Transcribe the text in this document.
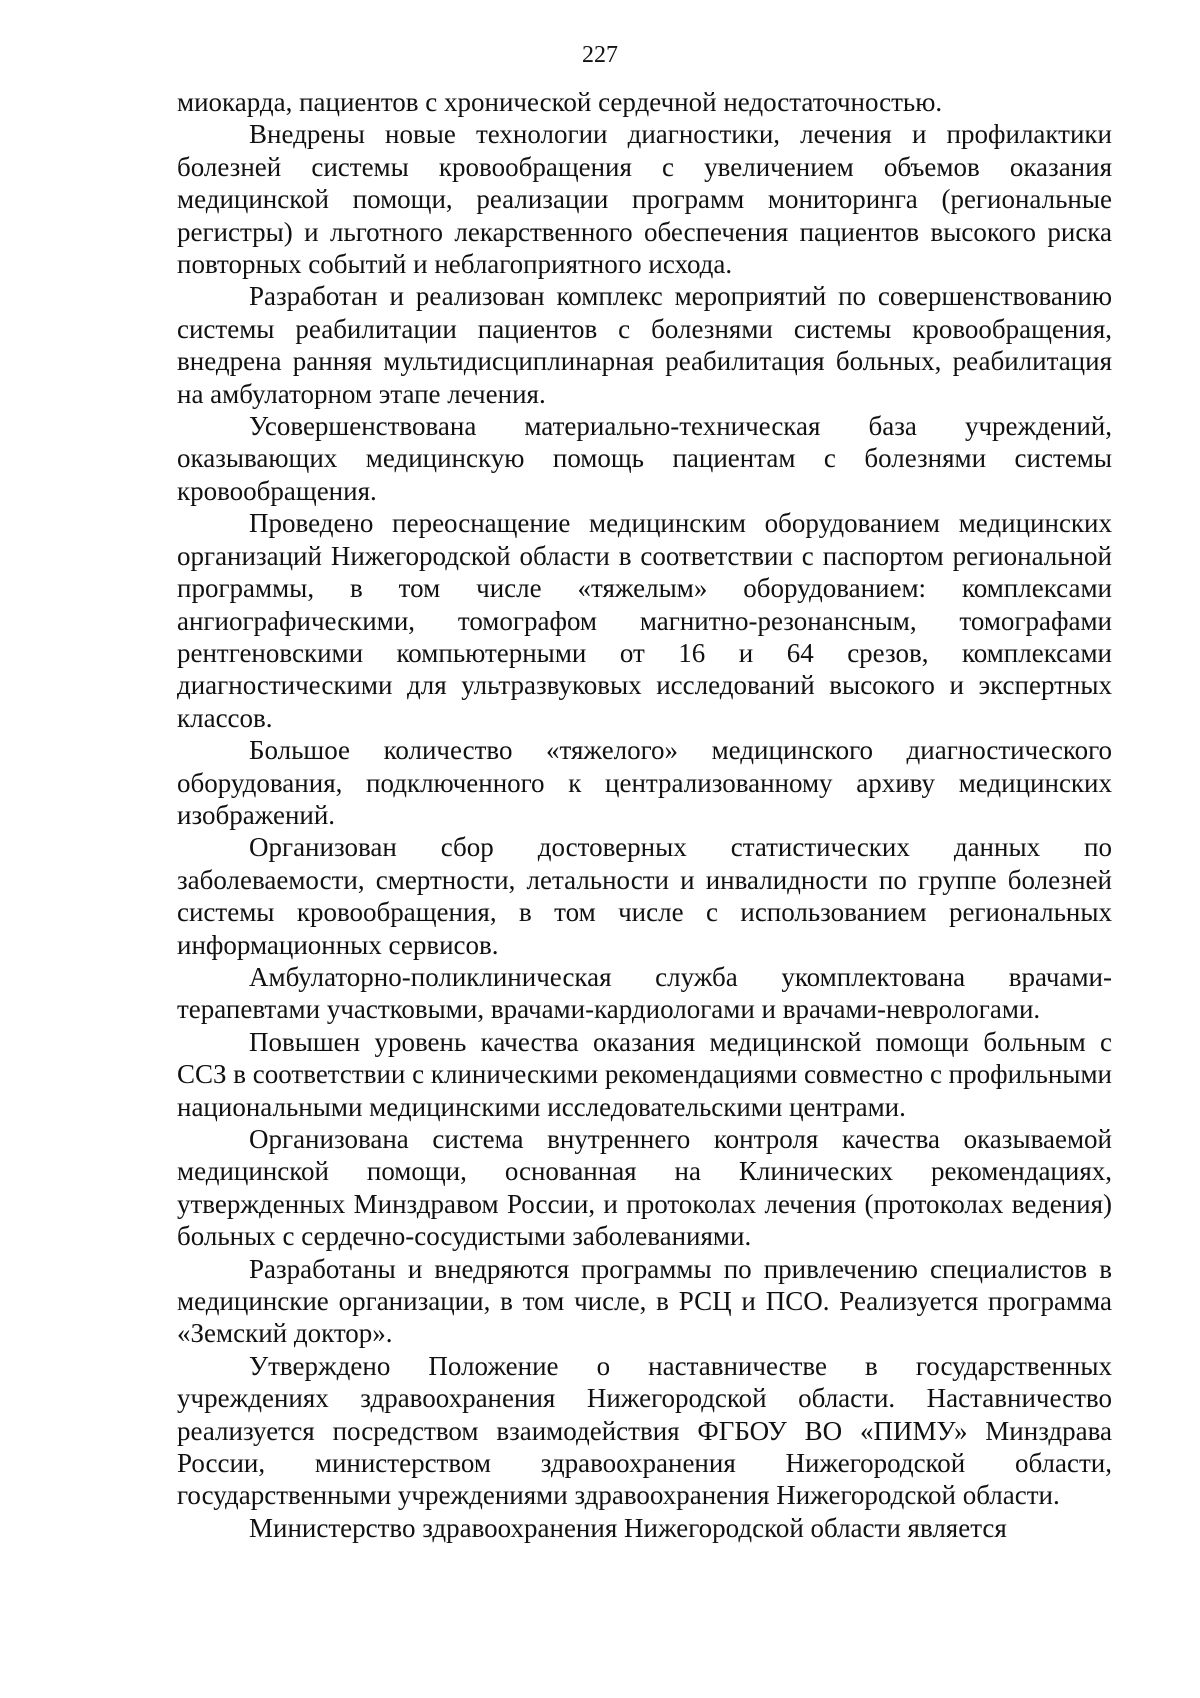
227

миокарда, пациентов с хронической сердечной недостаточностью.

Внедрены новые технологии диагностики, лечения и профилактики болезней системы кровообращения с увеличением объемов оказания медицинской помощи, реализации программ мониторинга (региональные регистры) и льготного лекарственного обеспечения пациентов высокого риска повторных событий и неблагоприятного исхода.

Разработан и реализован комплекс мероприятий по совершенствованию системы реабилитации пациентов с болезнями системы кровообращения, внедрена ранняя мультидисциплинарная реабилитация больных, реабилитация на амбулаторном этапе лечения.

Усовершенствована материально-техническая база учреждений, оказывающих медицинскую помощь пациентам с болезнями системы кровообращения.

Проведено переоснащение медицинским оборудованием медицинских организаций Нижегородской области в соответствии с паспортом региональной программы, в том числе «тяжелым» оборудованием: комплексами ангиографическими, томографом магнитно-резонансным, томографами рентгеновскими компьютерными от 16 и 64 срезов, комплексами диагностическими для ультразвуковых исследований высокого и экспертных классов.

Большое количество «тяжелого» медицинского диагностического оборудования, подключенного к централизованному архиву медицинских изображений.

Организован сбор достоверных статистических данных по заболеваемости, смертности, летальности и инвалидности по группе болезней системы кровообращения, в том числе с использованием региональных информационных сервисов.

Амбулаторно-поликлиническая служба укомплектована врачами-терапевтами участковыми, врачами-кардиологами и врачами-неврологами.

Повышен уровень качества оказания медицинской помощи больным с ССЗ в соответствии с клиническими рекомендациями совместно с профильными национальными медицинскими исследовательскими центрами.

Организована система внутреннего контроля качества оказываемой медицинской помощи, основанная на Клинических рекомендациях, утвержденных Минздравом России, и протоколах лечения (протоколах ведения) больных с сердечно-сосудистыми заболеваниями.

Разработаны и внедряются программы по привлечению специалистов в медицинские организации, в том числе, в РСЦ и ПСО. Реализуется программа «Земский доктор».

Утверждено Положение о наставничестве в государственных учреждениях здравоохранения Нижегородской области. Наставничество реализуется посредством взаимодействия ФГБОУ ВО «ПИМУ» Минздрава России, министерством здравоохранения Нижегородской области, государственными учреждениями здравоохранения Нижегородской области.

Министерство здравоохранения Нижегородской области является
